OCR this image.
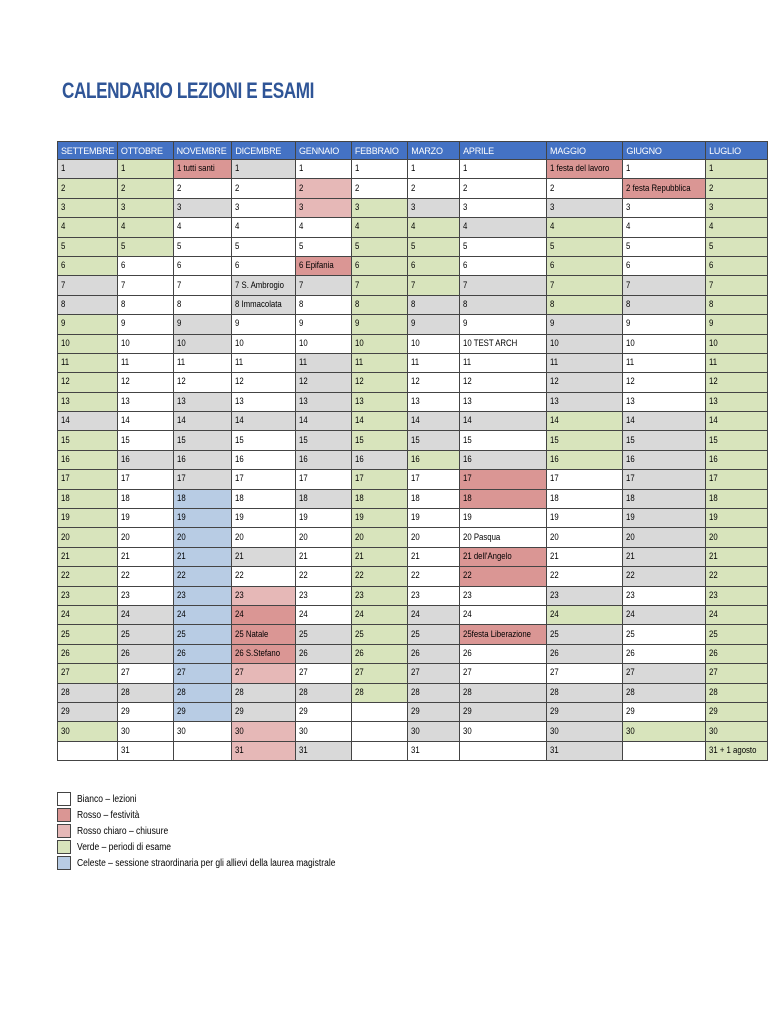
CALENDARIO LEZIONI E ESAMI
SETTEMBRE	OTTOBRE	NOVEMBRE	DICEMBRE	GENNAIO	FEBBRAIO	MARZO	APRILE	MAGGIO	GIUGNO	LUGLIO
1	1	1 tutti santi	1	1	1	1	1	1 festa del lavoro	1	1
2	2	2	2	2	2	2	2	2	2 festa Repubblica	2
3	3	3	3	3	3	3	3	3	3	3
4	4	4	4	4	4	4	4	4	4	4
5	5	5	5	5	5	5	5	5	5	5
6	6	6	6	6 Epifania	6	6	6	6	6	6
7	7	7	7 S. Ambrogio	7	7	7	7	7	7	7
8	8	8	8 Immacolata	8	8	8	8	8	8	8
9	9	9	9	9	9	9	9	9	9	9
10	10	10	10	10	10	10	10 TEST ARCH	10	10	10
11	11	11	11	11	11	11	11	11	11	11
12	12	12	12	12	12	12	12	12	12	12
13	13	13	13	13	13	13	13	13	13	13
14	14	14	14	14	14	14	14	14	14	14
15	15	15	15	15	15	15	15	15	15	15
16	16	16	16	16	16	16	16	16	16	16
17	17	17	17	17	17	17	17	17	17	17
18	18	18	18	18	18	18	18	18	18	18
19	19	19	19	19	19	19	19	19	19	19
20	20	20	20	20	20	20	20 Pasqua	20	20	20
21	21	21	21	21	21	21	21 dell'Angelo	21	21	21
22	22	22	22	22	22	22	22	22	22	22
23	23	23	23	23	23	23	23	23	23	23
24	24	24	24	24	24	24	24	24	24	24
25	25	25	25 Natale	25	25	25	25festa Liberazione	25	25	25
26	26	26	26 S.Stefano	26	26	26	26	26	26	26
27	27	27	27	27	27	27	27	27	27	27
28	28	28	28	28	28	28	28	28	28	28
29	29	29	29	29		29	29	29	29	29
30	30	30	30	30		30	30	30	30	30
	31		31	31		31		31		31 + 1 agosto
Bianco – lezioni
Rosso – festività
Rosso chiaro – chiusure
Verde – periodi di esame
Celeste – sessione straordinaria per gli allievi della laurea magistrale
